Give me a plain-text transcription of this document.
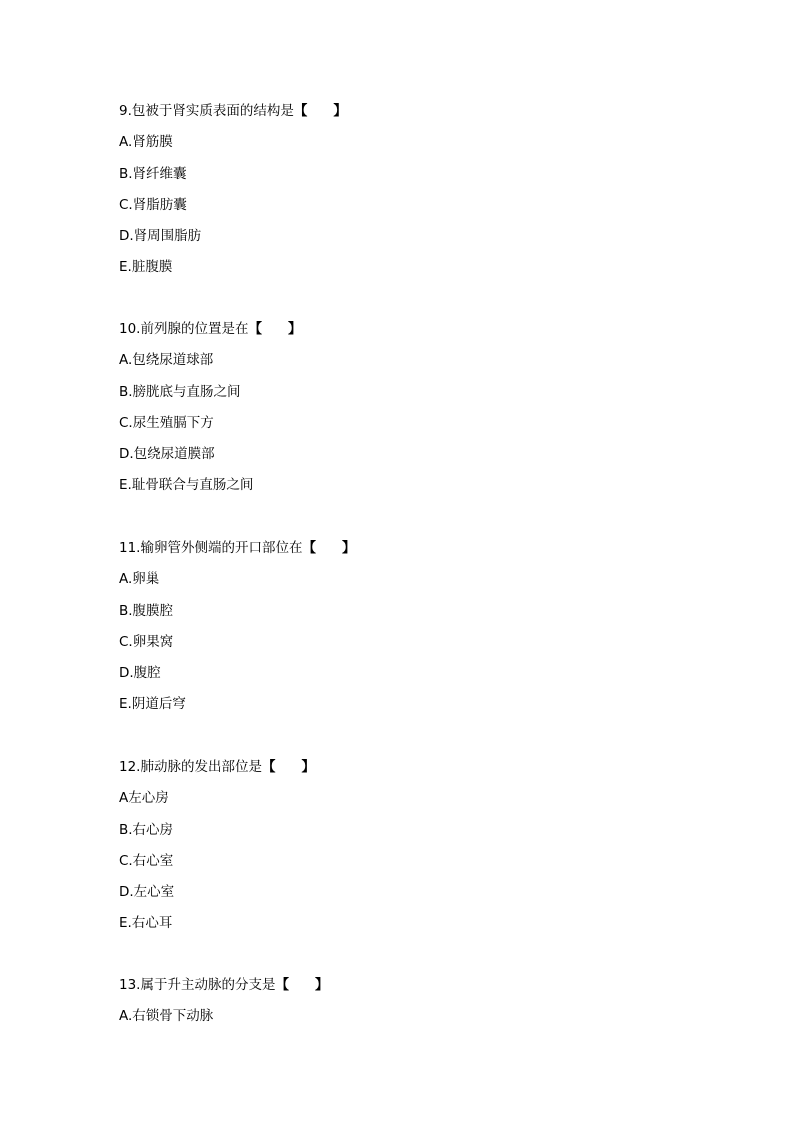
9.包被于肾实质表面的结构是【 】
A.肾筋膜
B.肾纤维囊
C.肾脂肪囊
D.肾周围脂肪
E.脏腹膜
10.前列腺的位置是在【 】
A.包绕尿道球部
B.膀胱底与直肠之间
C.尿生殖膈下方
D.包绕尿道膜部
E.耻骨联合与直肠之间
11.输卵管外侧端的开口部位在【 】
A.卵巢
B.腹膜腔
C.卵果窝
D.腹腔
E.阴道后穹
12.肺动脉的发出部位是【 】
A左心房
B.右心房
C.右心室
D.左心室
E.右心耳
13.属于升主动脉的分支是【 】
A.右锁骨下动脉
